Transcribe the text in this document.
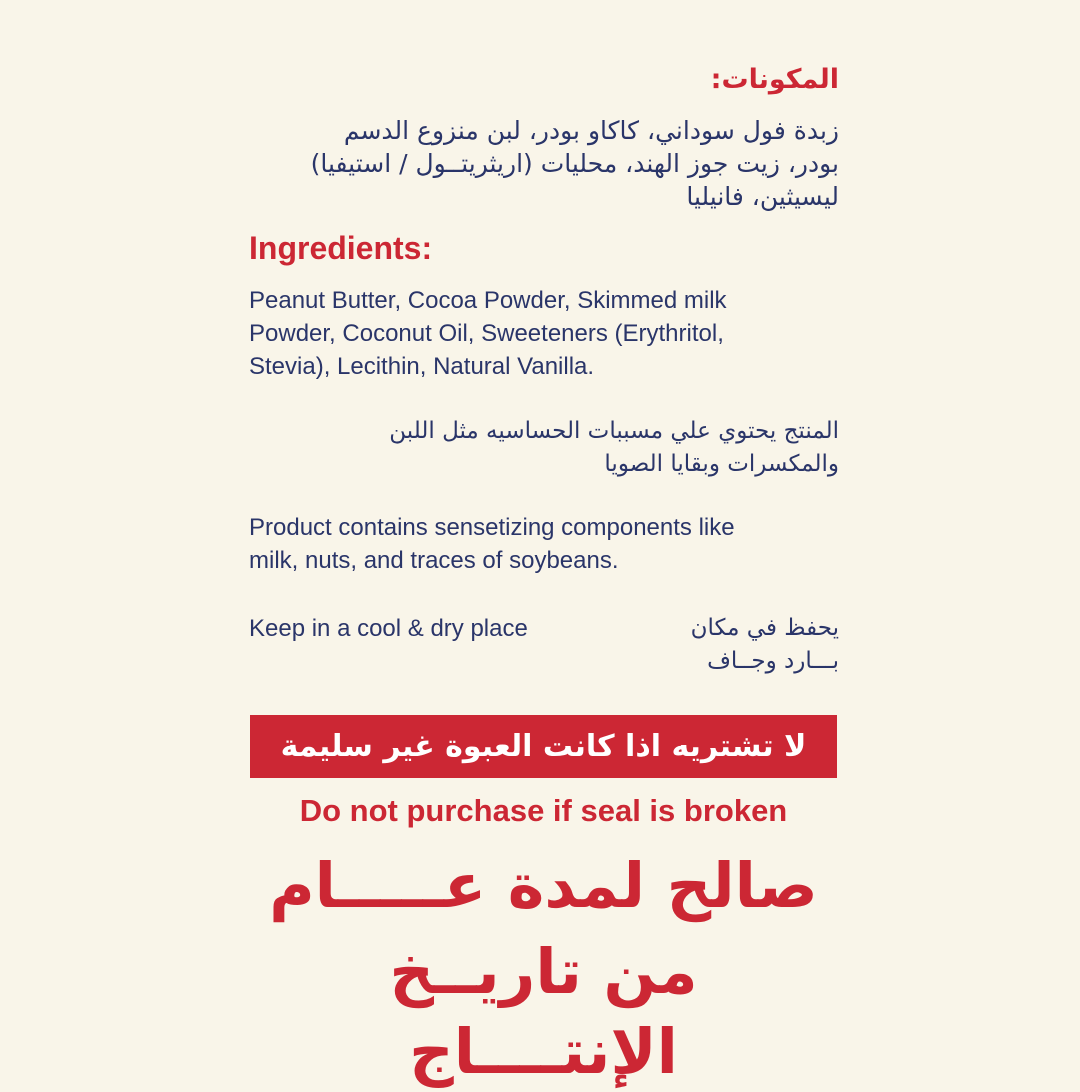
المكونات:

زبدة فول سوداني، كاكاو بودر، لبن منزوع الدسم
بودر، زيت جوز الهند، محليات (اريثريتــول / استيفيا)
ليسيثين، فانيليا

Ingredients:

Peanut Butter, Cocoa Powder, Skimmed milk
Powder, Coconut Oil, Sweeteners (Erythritol,
Stevia), Lecithin, Natural Vanilla.

المنتج يحتوي علي مسببات الحساسيه مثل اللبن
والمكسرات وبقايا الصويا

Product contains sensetizing components like
milk, nuts, and traces of soybeans.

Keep in a cool & dry place	يحفظ في مكان
بـــارد وجــاف

لا تشتريه اذا كانت العبوة غير سليمة

Do not purchase if seal is broken

صالح لمدة عـــــام

من تاريــخ الإنتــــاج
